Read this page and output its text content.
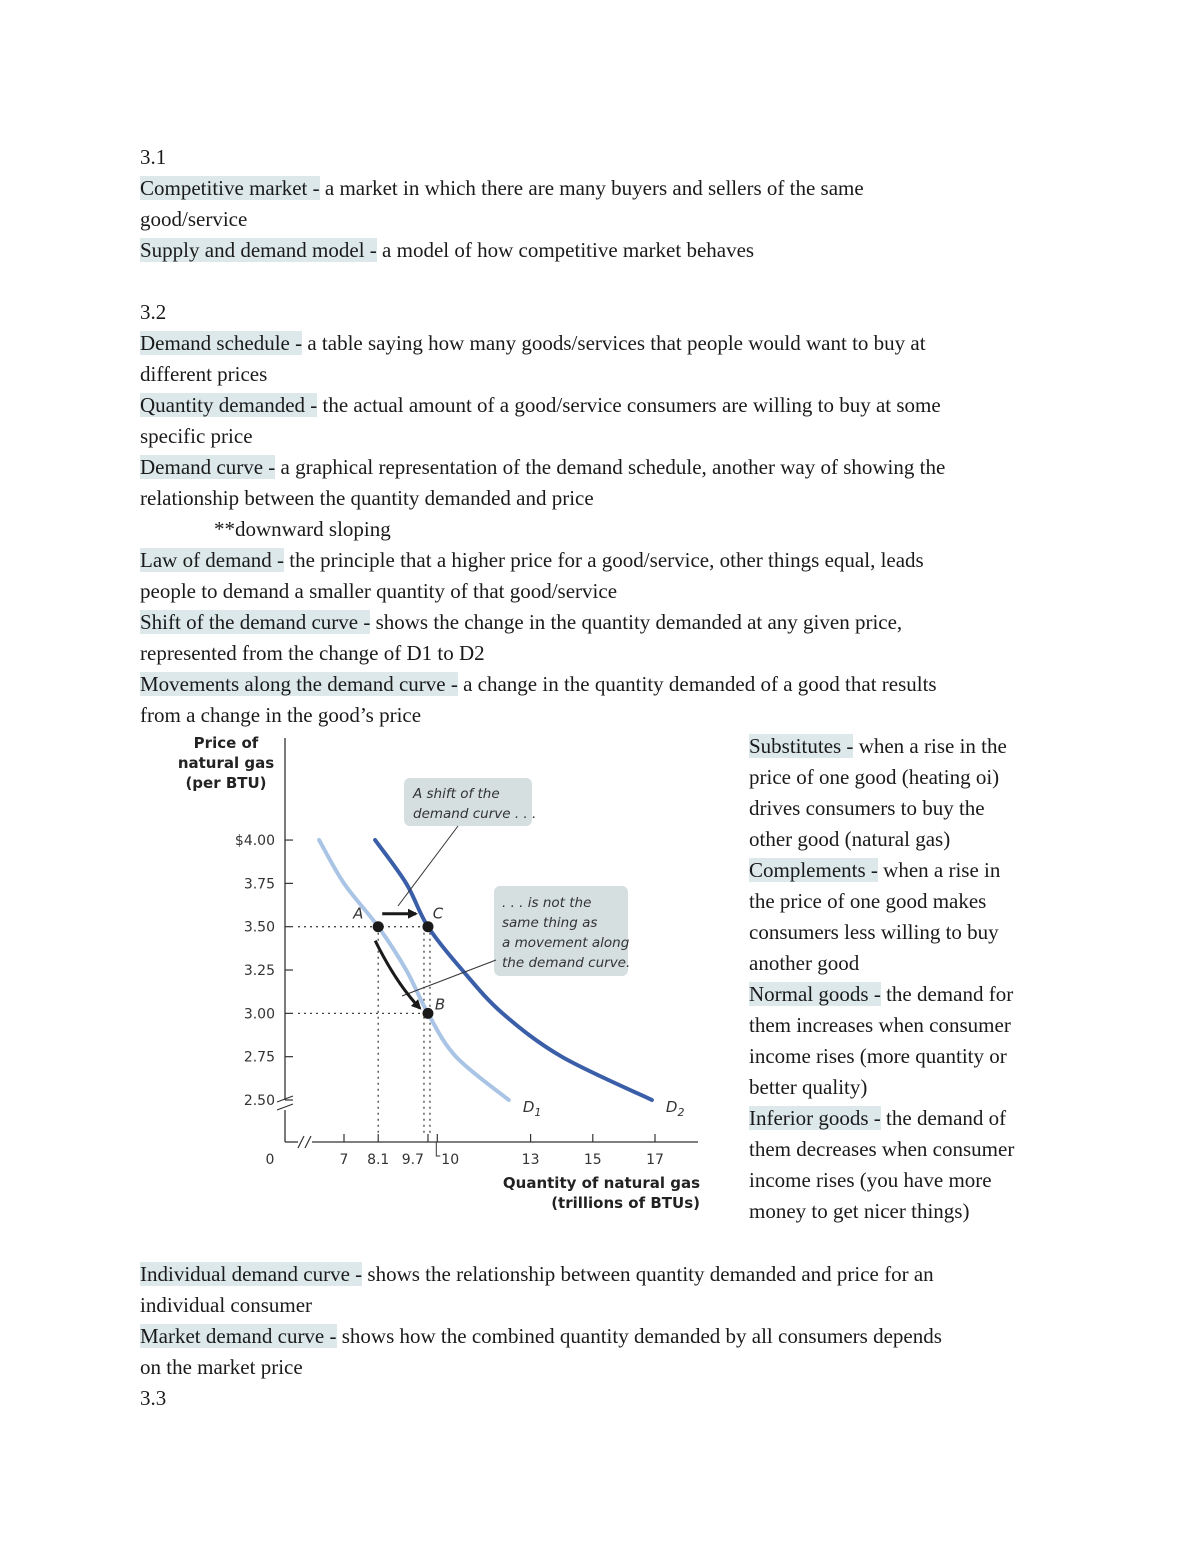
3.1
Competitive market - a market in which there are many buyers and sellers of the same
good/service
Supply and demand model - a model of how competitive market behaves
3.2
Demand schedule - a table saying how many goods/services that people would want to buy at
different prices
Quantity demanded - the actual amount of a good/service consumers are willing to buy at some
specific price
Demand curve - a graphical representation of the demand schedule, another way of showing the
relationship between the quantity demanded and price
**downward sloping
Law of demand - the principle that a higher price for a good/service, other things equal, leads
people to demand a smaller quantity of that good/service
Shift of the demand curve - shows the change in the quantity demanded at any given price,
represented from the change of D1 to D2
Movements along the demand curve - a change in the quantity demanded of a good that results
from a change in the good’s price
Price of
natural gas
(per BTU)
Quantity of natural gas
(trillions of BTUs)
0
$4.00
3.75
3.50
3.25
3.00
2.75
2.50
7 8.1 9.7 10	13	15	17
$D_1$	$D_2$
A shift of the
demand curve . . .
. . . is not the
same thing as
a movement along
the demand curve.
A	C
B
Substitutes - when a rise in the
price of one good (heating oi)
drives consumers to buy the
other good (natural gas)
Complements - when a rise in
the price of one good makes
consumers less willing to buy
another good
Normal goods - the demand for
them increases when consumer
income rises (more quantity or
better quality)
Inferior goods - the demand of
them decreases when consumer
income rises (you have more
money to get nicer things)
Individual demand curve - shows the relationship between quantity demanded and price for an
individual consumer
Market demand curve - shows how the combined quantity demanded by all consumers depends
on the market price
3.3
